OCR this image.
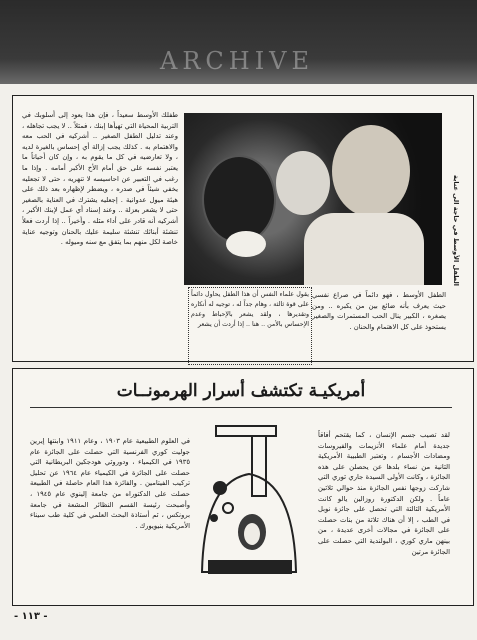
ARCHIVE
طفلك الأوسط سعيداً ، فإن هذا يعود إلى أسلوبك في التربية المحياة التي تهيأها إبنك ، فمثلاً .. لا يجب تجاهله ، وعند تدليل الطفل الصغير .. أشركيه في الحب معه والاهتمام به . كذلك يجب إزالة أي إحساس بالغيرة لديه ، ولا تعارضيه في كل ما يقوم به ، وإن كان أحياناً ما يعتبر نفسه على حق أمام الأخ الأكبر أمامه . وإذا ما رغب في التعبير عن احاسيسه لا تنهريه ، حتى لا تجعليه يخفي شيئاً في صدره ، ويضطر لإظهاره بعد ذلك على هيئة ميول عدوانية . إجعليه يشترك في العناية بالصغير حتى لا يشعر بعزلة .. وعند إسناد أي عمل لإبنك الأكبر ، أشركيه أنه قادر على أداء مثله . وأخيراً .. إذا أردت فعلاً تنشئة أبنائك تنشئة سليمة عليك بالحنان وتوجيه عناية خاصة لكل منهم بما يتفق مع سنه وميوله .	الطفل الأوسط في حاجة الى عناية
يقول علماء النفس أن هذا الطفل يحاول دائماً على قوة ثالثة ، وهام جداً له ، توجيه له أنكاره وتقديرها ، ولقد يشعر بالإحباط وعدم الإحساس بالأمن .. هنا .. إذا أردت أن يشعر
الطفل الأوسط ، فهو دائماً في صراع نفسي حيث يعرف بأنه ضائع بين من يكبره .. ومن يصغره ، الكبير ينال الحب المستمرات والصغير يستحوذ على كل الاهتمام والحنان .
أمريكيـة تكتشف أسرار الهرمونــات
لقد تصيب جسم الإنسان ، كما يقتحم أفاقاً جديدة أمام علماء الأنزيمات والفيروسات ومضادات الأجسام ، وتعتبر الطبيبة الأمريكية الثانية من نساء بلدها عن يحصلن على هذه الجائزة ، وكانت الأولى السيدة جاري ثوري التي شاركت زوجها نفس الجائزة منذ حوالي ثلاثين عاماً . ولكن الدكتورة روزالين يالو كانت الأمريكية الثالثة التي تحصل على جائزة نوبل في الطب ، إلا أن هناك ثلاثة من بنات حصلت على الجائزة في مجالات أخرى عديدة ، من بينهن ماري كوري ، البولندية التي حصلت على الجائزة مرتين
في العلوم الطبيعية عام ١٩٠٣ ، وعام ١٩١١ وابنتها إيرين جوليت كوري الفرنسية التي حصلت على الجائزة عام ١٩٣٥ في الكيمياء ، ودوروثي هودجكين البريطانية التي حصلت على الجائزة في الكيمياء عام ١٩٦٤ عن تحليل تركيب الفيتامين . والفائزة هذا العام حاصلة في الطبيعة حصلت على الدكتوراه من جامعة إلينوي عام ١٩٤٥ ، وأصبحت رئيسة القسم النظائر المشعة في جامعة برونكس ، ثم أستاذة البحث العلمي في كلية طب سيناء الأمريكية بنيويورك .
- ١١٣ -
